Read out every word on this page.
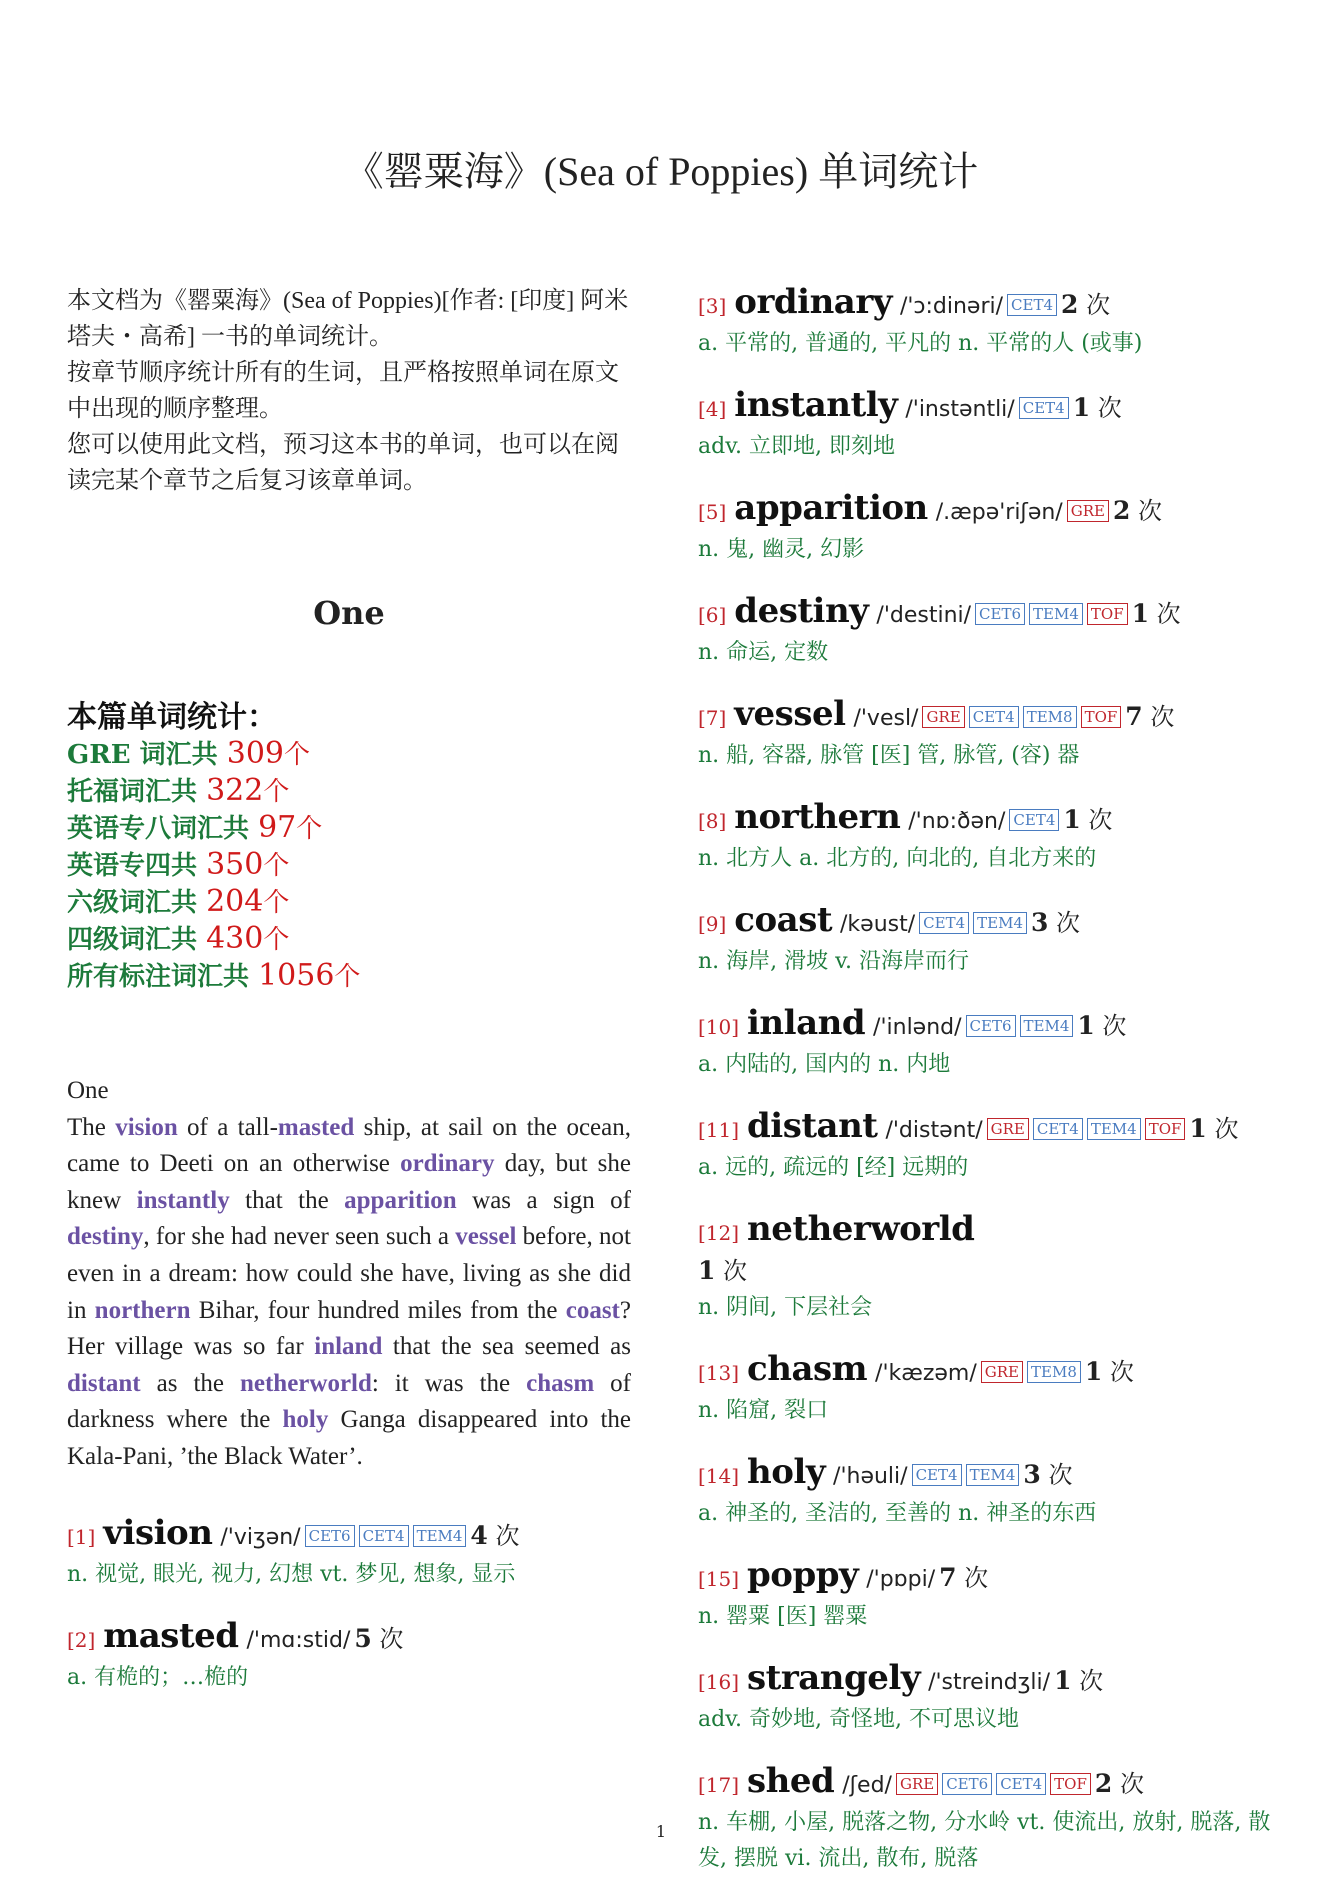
《罂粟海》(Sea of Poppies) 单词统计

本文档为《罂粟海》(Sea of Poppies)[作者: [印度] 阿米塔夫・高希] 一书的单词统计。

按章节顺序统计所有的生词，且严格按照单词在原文中出现的顺序整理。

您可以使用此文档，预习这本书的单词，也可以在阅读完某个章节之后复习该章单词。

One
本篇单词统计：
GRE 词汇共 309个
托福词汇共 322个
英语专八词汇共 97个
英语专四共 350个
六级词汇共 204个
四级词汇共 430个
所有标注词汇共 1056个
One
The vision of a tall-masted ship, at sail on the ocean, came to Deeti on an otherwise ordinary day, but she knew instantly that the apparition was a sign of destiny, for she had never seen such a vessel before, not even in a dream: how could she have, living as she did in northern Bihar, four hundred miles from the coast? Her village was so far inland that the sea seemed as distant as the netherworld: it was the chasm of darkness where the holy Ganga disappeared into the Kala-Pani, ’the Black Water’.
[1] vision /'viʒən/ CET6 CET4 TEM4 4 次
n. 视觉, 眼光, 视力, 幻想 vt. 梦见, 想象, 显示
[2] masted /'mɑ:stid/ 5 次
a. 有桅的；…桅的
[3] ordinary /'ɔ:dinəri/ CET4 2 次
a. 平常的, 普通的, 平凡的 n. 平常的人 (或事)
[4] instantly /'instəntli/ CET4 1 次
adv. 立即地, 即刻地
[5] apparition /.æpə'riʃən/ GRE 2 次
n. 鬼, 幽灵, 幻影
[6] destiny /'destini/ CET6 TEM4 TOF 1 次
n. 命运, 定数
[7] vessel /'vesl/ GRE CET4 TEM8 TOF 7 次
n. 船, 容器, 脉管 [医] 管, 脉管, (容) 器
[8] northern /'nɒ:ðən/ CET4 1 次
n. 北方人 a. 北方的, 向北的, 自北方来的
[9] coast /kəust/ CET4 TEM4 3 次
n. 海岸, 滑坡 v. 沿海岸而行
[10] inland /'inlənd/ CET6 TEM4 1 次
a. 内陆的, 国内的 n. 内地
[11] distant /'distənt/ GRE CET4 TEM4 TOF 1 次
a. 远的, 疏远的 [经] 远期的
[12] netherworld
1 次
n. 阴间, 下层社会
[13] chasm /'kæzəm/ GRE TEM8 1 次
n. 陷窟, 裂口
[14] holy /'həuli/ CET4 TEM4 3 次
a. 神圣的, 圣洁的, 至善的 n. 神圣的东西
[15] poppy /'pɒpi/ 7 次
n. 罂粟 [医] 罂粟
[16] strangely /'streindʒli/ 1 次
adv. 奇妙地, 奇怪地, 不可思议地
[17] shed /ʃed/ GRE CET6 CET4 TOF 2 次
n. 车棚, 小屋, 脱落之物, 分水岭 vt. 使流出, 放射, 脱落, 散发, 摆脱 vi. 流出, 散布, 脱落
1
